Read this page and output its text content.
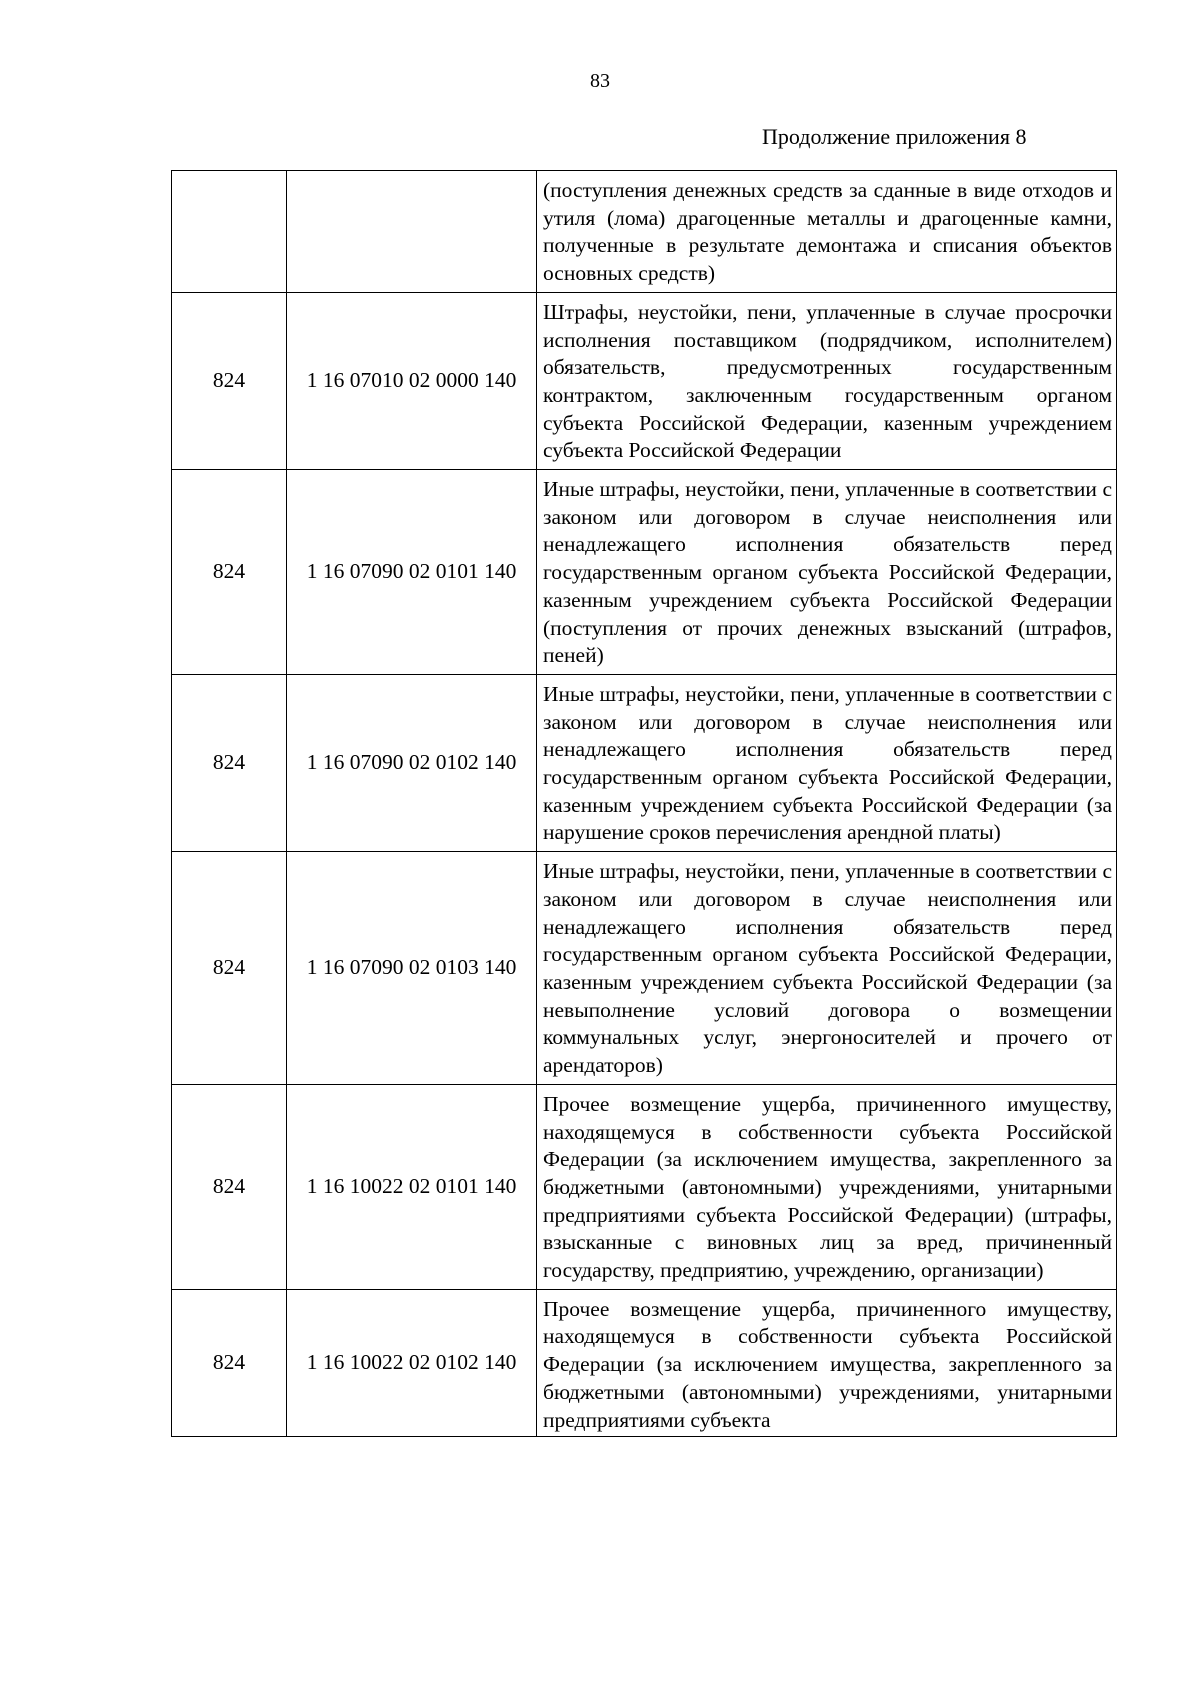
83
Продолжение приложения 8
		(поступления денежных средств за сданные в виде отходов и утиля (лома) драгоценные металлы и драгоценные камни, полученные в результате демонтажа и списания объектов основных средств)
824	1 16 07010 02 0000 140	Штрафы, неустойки, пени, уплаченные в случае просрочки исполнения поставщиком (подрядчиком, исполнителем) обязательств, предусмотренных государственным контрактом, заключенным государственным органом субъекта Российской Федерации, казенным учреждением субъекта Российской Федерации
824	1 16 07090 02 0101 140	Иные штрафы, неустойки, пени, уплаченные в соответствии с законом или договором в случае неисполнения или ненадлежащего исполнения обязательств перед государственным органом субъекта Российской Федерации, казенным учреждением субъекта Российской Федерации (поступления от прочих денежных взысканий (штрафов, пеней)
824	1 16 07090 02 0102 140	Иные штрафы, неустойки, пени, уплаченные в соответствии с законом или договором в случае неисполнения или ненадлежащего исполнения обязательств перед государственным органом субъекта Российской Федерации, казенным учреждением субъекта Российской Федерации (за нарушение сроков перечисления арендной платы)
824	1 16 07090 02 0103 140	Иные штрафы, неустойки, пени, уплаченные в соответствии с законом или договором в случае неисполнения или ненадлежащего исполнения обязательств перед государственным органом субъекта Российской Федерации, казенным учреждением субъекта Российской Федерации (за невыполнение условий договора о возмещении коммунальных услуг, энергоносителей и прочего от арендаторов)
824	1 16 10022 02 0101 140	Прочее возмещение ущерба, причиненного имуществу, находящемуся в собственности субъекта Российской Федерации (за исключением имущества, закрепленного за бюджетными (автономными) учреждениями, унитарными предприятиями субъекта Российской Федерации) (штрафы, взысканные с виновных лиц за вред, причиненный государству, предприятию, учреждению, организации)
824	1 16 10022 02 0102 140	Прочее возмещение ущерба, причиненного имуществу, находящемуся в собственности субъекта Российской Федерации (за исключением имущества, закрепленного за бюджетными (автономными) учреждениями, унитарными предприятиями субъекта
